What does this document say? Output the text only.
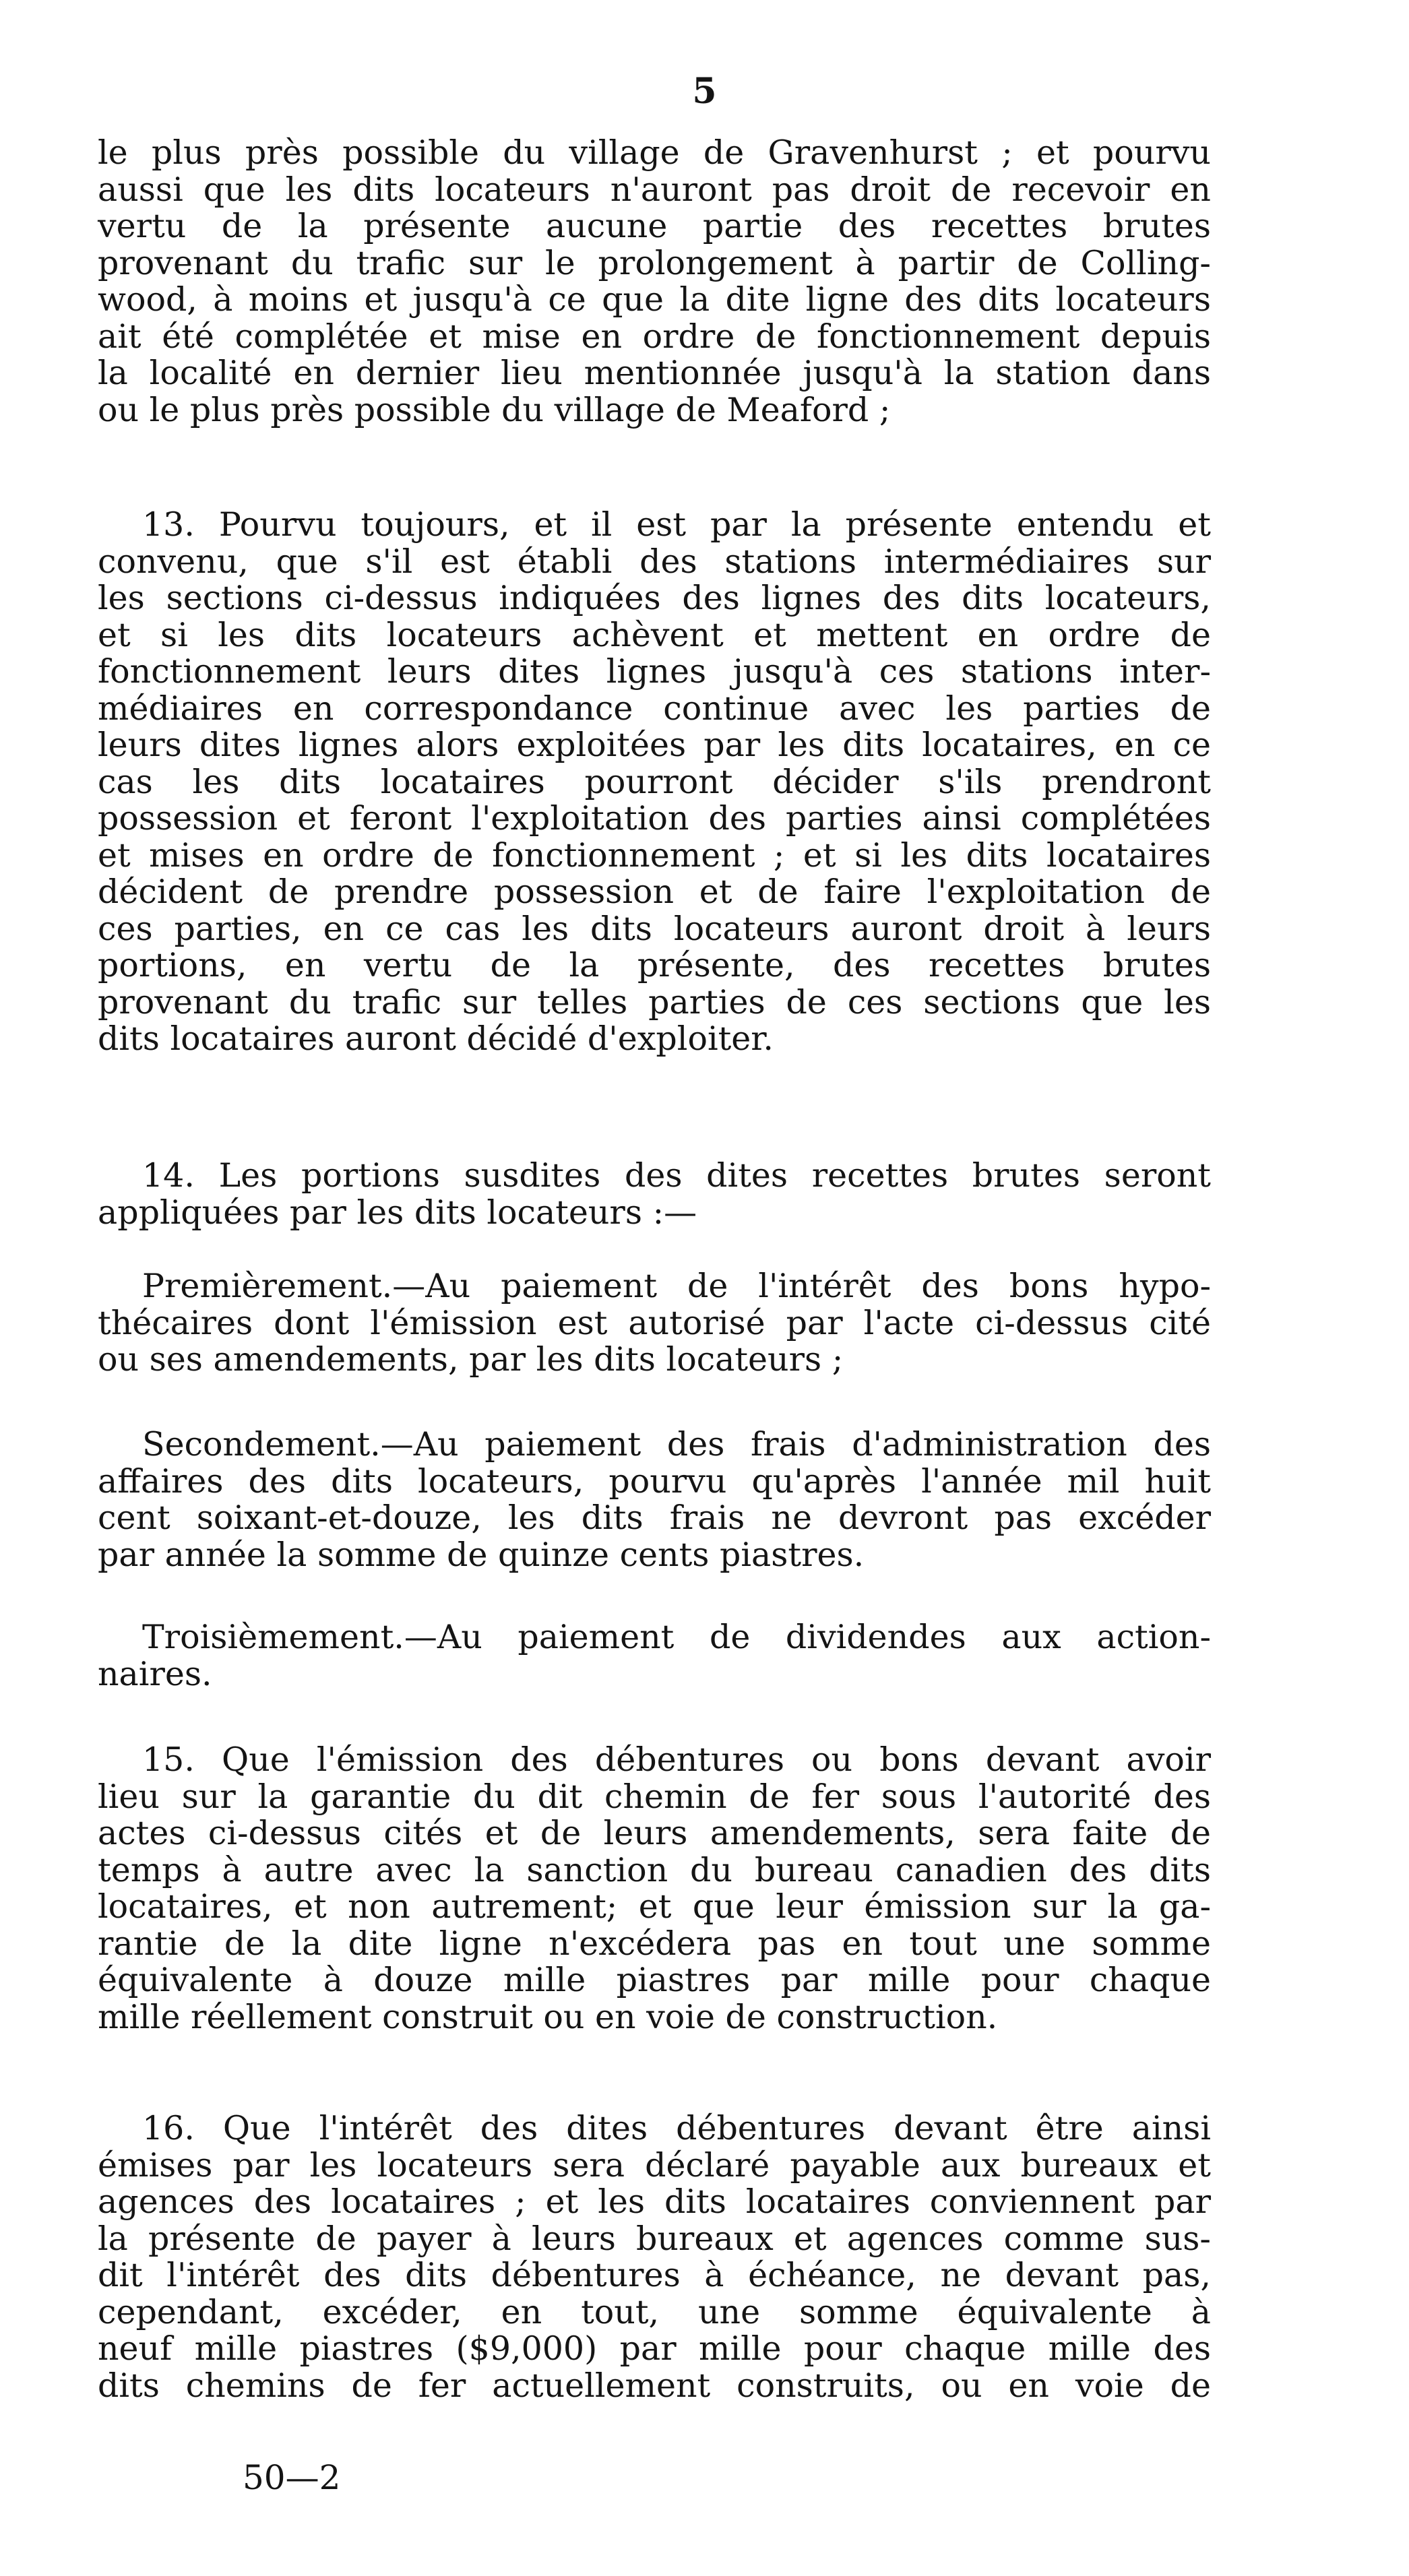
5
le plus près possible du village de Gravenhurst ; et pourvu
aussi que les dits locateurs n'auront pas droit de recevoir en
vertu de la présente aucune partie des recettes brutes
provenant du trafic sur le prolongement à partir de Colling-
wood, à moins et jusqu'à ce que la dite ligne des dits locateurs
ait été complétée et mise en ordre de fonctionnement depuis
la localité en dernier lieu mentionnée jusqu'à la station dans
ou le plus près possible du village de Meaford ;
13. Pourvu toujours, et il est par la présente entendu et
convenu, que s'il est établi des stations intermédiaires sur
les sections ci-dessus indiquées des lignes des dits locateurs,
et si les dits locateurs achèvent et mettent en ordre de
fonctionnement leurs dites lignes jusqu'à ces stations inter-
médiaires en correspondance continue avec les parties de
leurs dites lignes alors exploitées par les dits locataires, en ce
cas les dits locataires pourront décider s'ils prendront
possession et feront l'exploitation des parties ainsi complétées
et mises en ordre de fonctionnement ; et si les dits locataires
décident de prendre possession et de faire l'exploitation de
ces parties, en ce cas les dits locateurs auront droit à leurs
portions, en vertu de la présente, des recettes brutes
provenant du trafic sur telles parties de ces sections que les
dits locataires auront décidé d'exploiter.
14. Les portions susdites des dites recettes brutes seront
appliquées par les dits locateurs :—
Premièrement.—Au paiement de l'intérêt des bons hypo-
thécaires dont l'émission est autorisé par l'acte ci-dessus cité
ou ses amendements, par les dits locateurs ;
Secondement.—Au paiement des frais d'administration des
affaires des dits locateurs, pourvu qu'après l'année mil huit
cent soixant-et-douze, les dits frais ne devront pas excéder
par année la somme de quinze cents piastres.
Troisièmement.—Au paiement de dividendes aux action-
naires.
15. Que l'émission des débentures ou bons devant avoir
lieu sur la garantie du dit chemin de fer sous l'autorité des
actes ci-dessus cités et de leurs amendements, sera faite de
temps à autre avec la sanction du bureau canadien des dits
locataires, et non autrement; et que leur émission sur la ga-
rantie de la dite ligne n'excédera pas en tout une somme
équivalente à douze mille piastres par mille pour chaque
mille réellement construit ou en voie de construction.
16. Que l'intérêt des dites débentures devant être ainsi
émises par les locateurs sera déclaré payable aux bureaux et
agences des locataires ; et les dits locataires conviennent par
la présente de payer à leurs bureaux et agences comme sus-
dit l'intérêt des dits débentures à échéance, ne devant pas,
cependant, excéder, en tout, une somme équivalente à
neuf mille piastres ($9,000) par mille pour chaque mille des
dits chemins de fer actuellement construits, ou en voie de
50—2
